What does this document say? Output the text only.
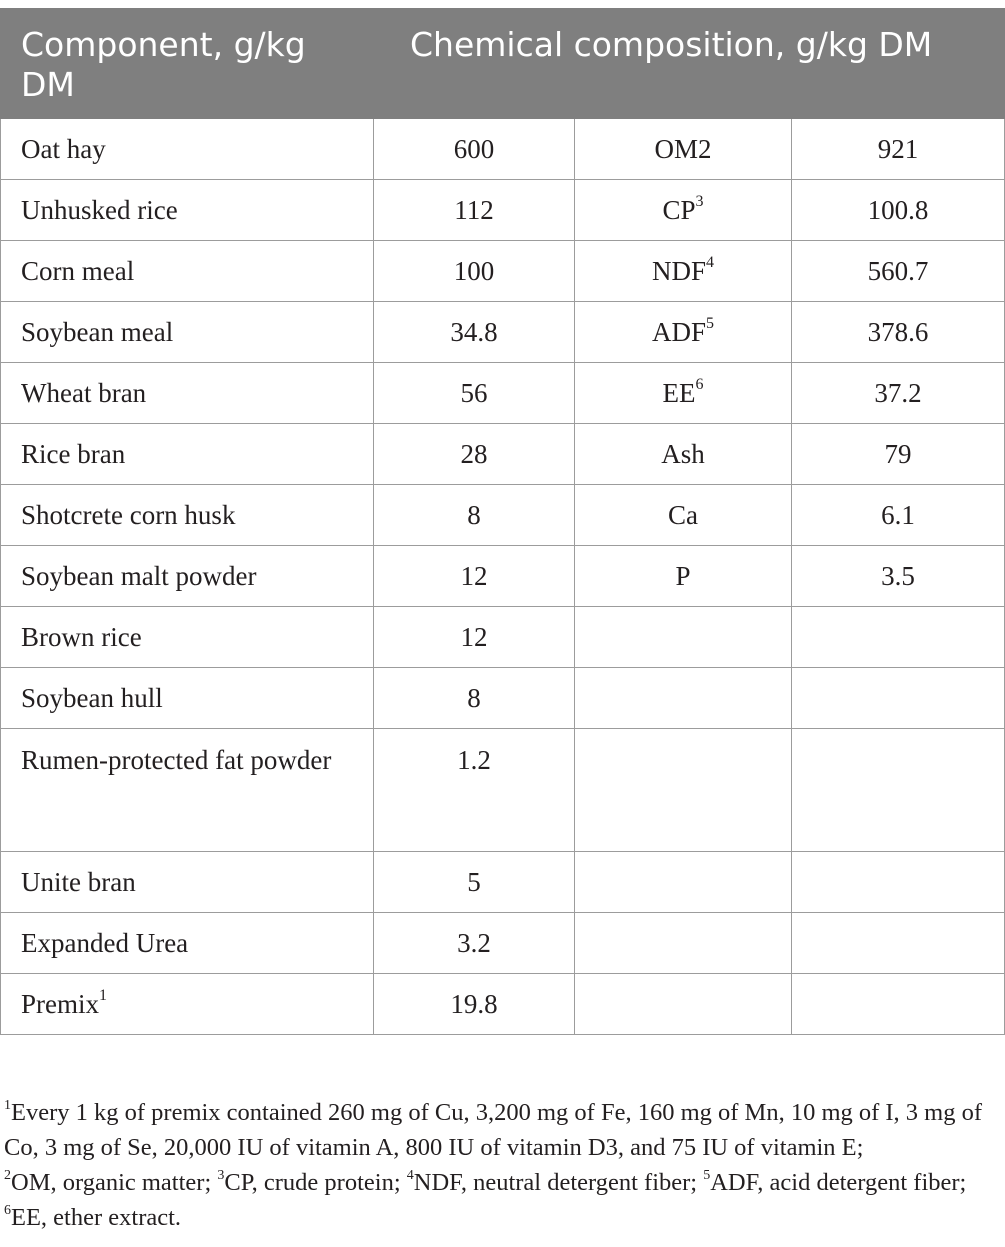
Component, g/kg DM	Chemical composition, g/kg DM		
Oat hay	600	OM2	921
Unhusked rice	112	$CP^3$	100.8
Corn meal	100	NDF$^4$	560.7
Soybean meal	34.8	ADF$^5$	378.6
Wheat bran	56	$EE^6$	37.2
Rice bran	28	Ash	79
Shotcrete corn husk	8	Ca	6.1
Soybean malt powder	12	P	3.5
Brown rice	12		
Soybean hull	8		
Rumen-protected fat powder	1.2		
Unite bran	5		
Expanded Urea	3.2		
Premix$^1$	19.8		
$^1$Every 1 kg of premix contained 260 mg of Cu, 3,200 mg of Fe, 160 mg of Mn, 10 mg of I, 3 mg of Co, 3 mg of Se, 20,000 IU of vitamin A, 800 IU of vitamin D3, and 75 IU of vitamin E;
$^2$OM, organic matter; $^3$CP, crude protein; $^4$NDF, neutral detergent fiber; $^5$ADF, acid detergent fiber; $^6$EE, ether extract.
